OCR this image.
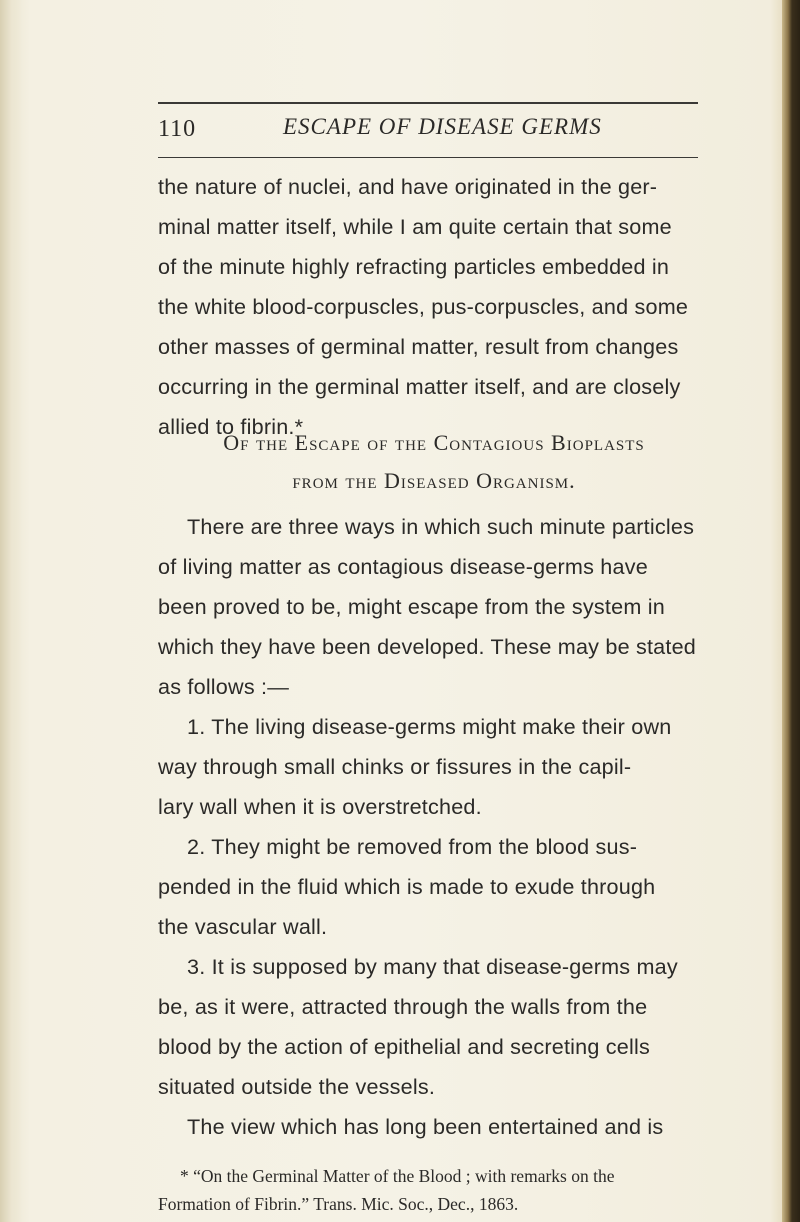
110	ESCAPE OF DISEASE GERMS
the nature of nuclei, and have originated in the ger-
minal matter itself, while I am quite certain that some
of the minute highly refracting particles embedded in
the white blood-corpuscles, pus-corpuscles, and some
other masses of germinal matter, result from changes
occurring in the germinal matter itself, and are closely
allied to fibrin.*
Of the Escape of the Contagious Bioplasts
from the Diseased Organism.
There are three ways in which such minute particles
of living matter as contagious disease-germs have
been proved to be, might escape from the system in
which they have been developed. These may be stated
as follows :—
1. The living disease-germs might make their own
way through small chinks or fissures in the capil-
lary wall when it is overstretched.
2. They might be removed from the blood sus-
pended in the fluid which is made to exude through
the vascular wall.
3. It is supposed by many that disease-germs may
be, as it were, attracted through the walls from the
blood by the action of epithelial and secreting cells
situated outside the vessels.
The view which has long been entertained and is
* “On the Germinal Matter of the Blood ; with remarks on the
Formation of Fibrin.” Trans. Mic. Soc., Dec., 1863.
